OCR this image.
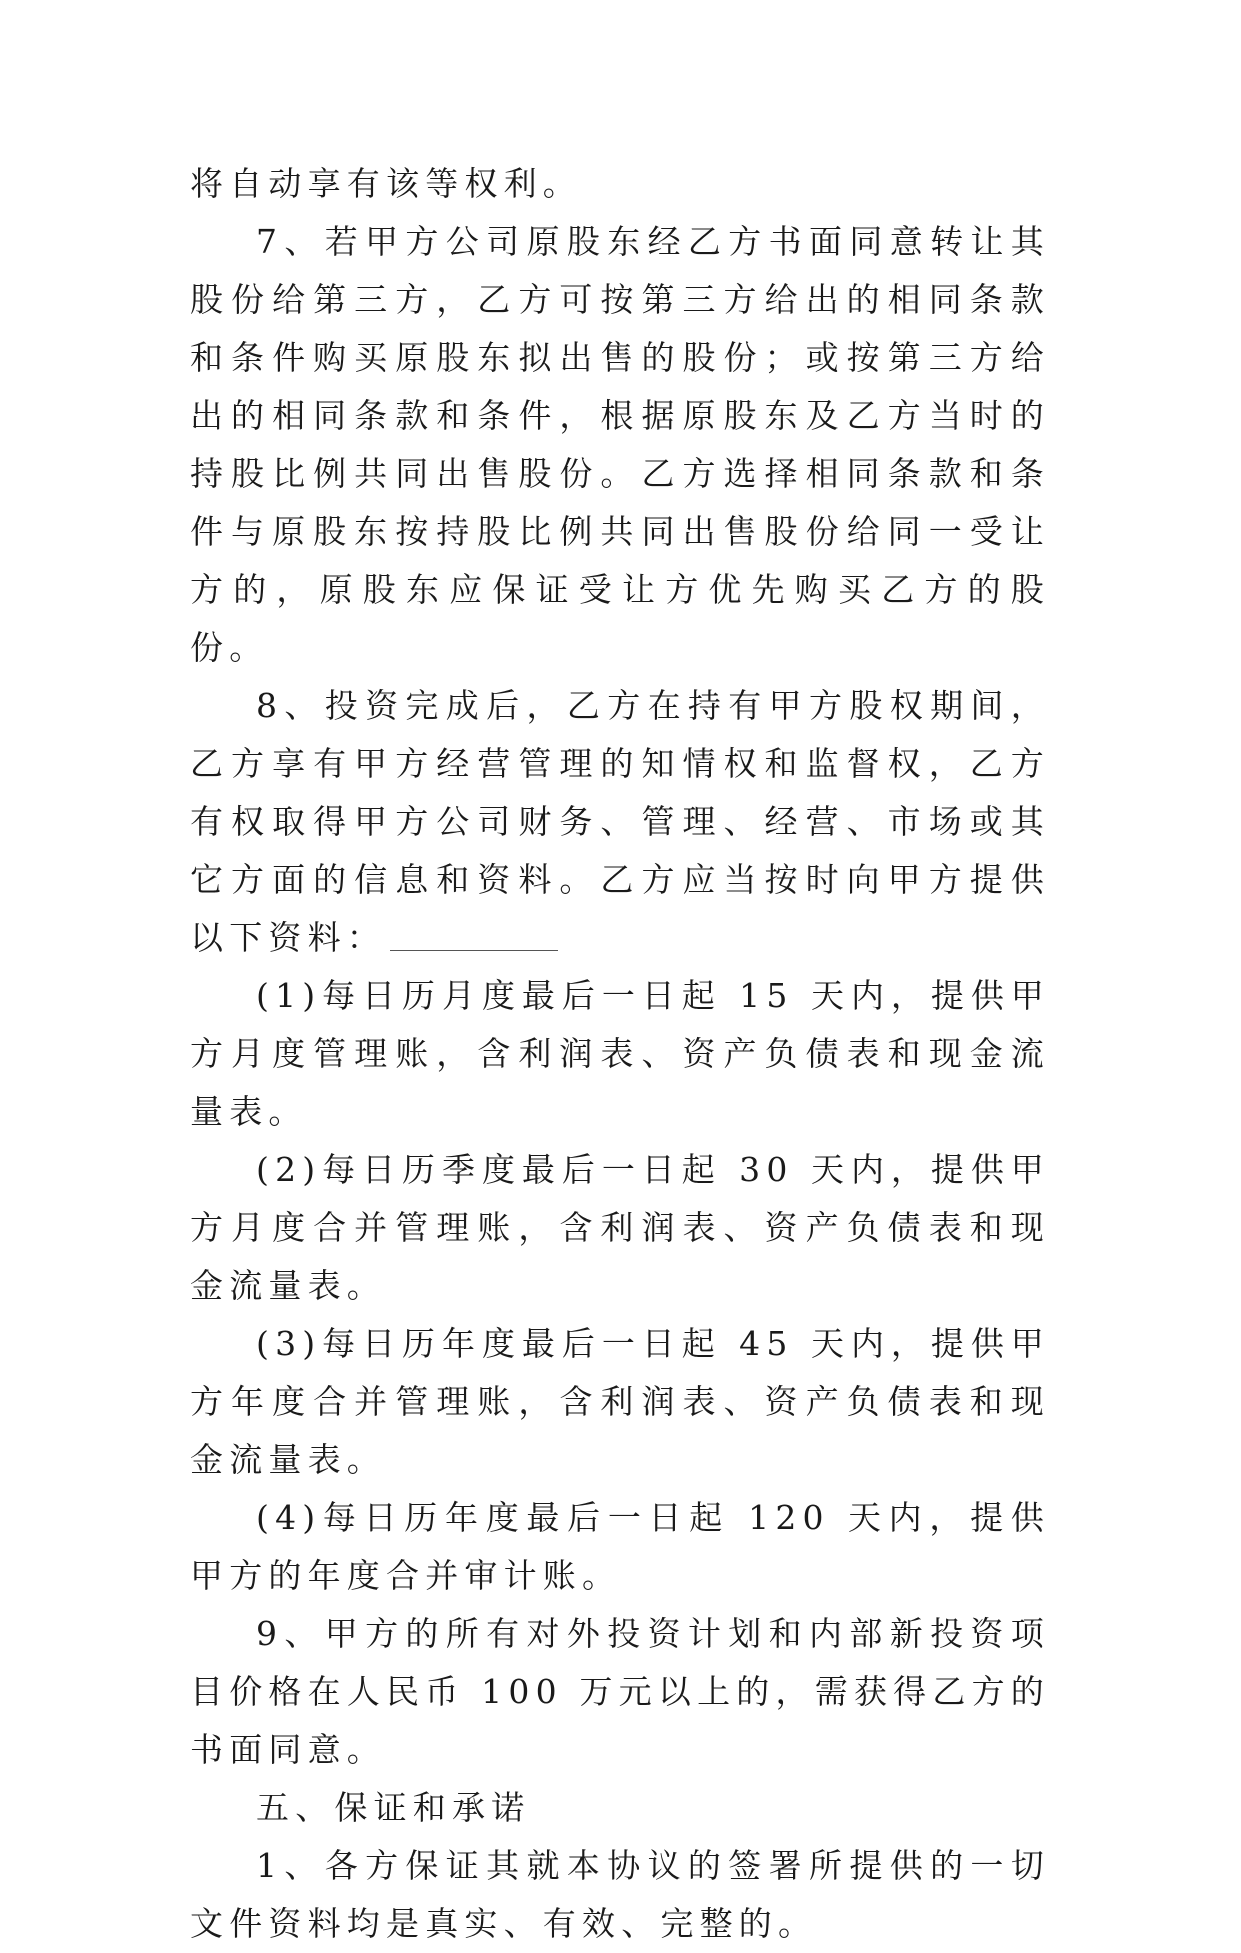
将自动享有该等权利。

7、若甲方公司原股东经乙方书面同意转让其股份给第三方，乙方可按第三方给出的相同条款和条件购买原股东拟出售的股份；或按第三方给出的相同条款和条件，根据原股东及乙方当时的持股比例共同出售股份。乙方选择相同条款和条件与原股东按持股比例共同出售股份给同一受让方的，原股东应保证受让方优先购买乙方的股份。

8、投资完成后，乙方在持有甲方股权期间，乙方享有甲方经营管理的知情权和监督权，乙方有权取得甲方公司财务、管理、经营、市场或其它方面的信息和资料。乙方应当按时向甲方提供以下资料：

(1)每日历月度最后一日起 15 天内，提供甲方月度管理账，含利润表、资产负债表和现金流量表。

(2)每日历季度最后一日起 30 天内，提供甲方月度合并管理账，含利润表、资产负债表和现金流量表。

(3)每日历年度最后一日起 45 天内，提供甲方年度合并管理账，含利润表、资产负债表和现金流量表。

(4)每日历年度最后一日起 120 天内，提供甲方的年度合并审计账。

9、甲方的所有对外投资计划和内部新投资项目价格在人民币 100 万元以上的，需获得乙方的书面同意。

五、保证和承诺

1、各方保证其就本协议的签署所提供的一切文件资料均是真实、有效、完整的。
